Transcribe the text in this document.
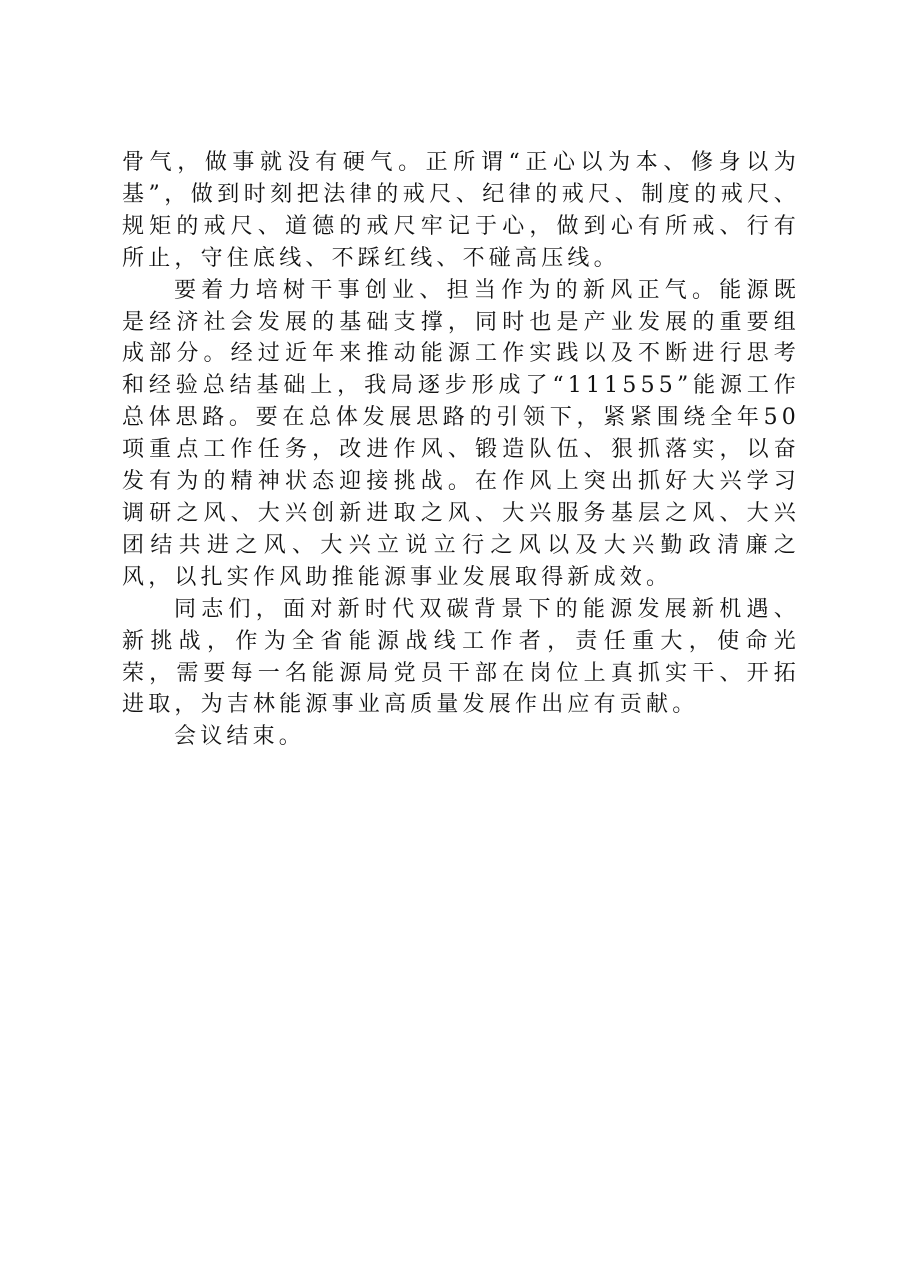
骨气，做事就没有硬气。正所谓“正心以为本、修身以为基”，做到时刻把法律的戒尺、纪律的戒尺、制度的戒尺、规矩的戒尺、道德的戒尺牢记于心，做到心有所戒、行有所止，守住底线、不踩红线、不碰高压线。

要着力培树干事创业、担当作为的新风正气。能源既是经济社会发展的基础支撑，同时也是产业发展的重要组成部分。经过近年来推动能源工作实践以及不断进行思考和经验总结基础上，我局逐步形成了“111555”能源工作总体思路。要在总体发展思路的引领下，紧紧围绕全年50项重点工作任务，改进作风、锻造队伍、狠抓落实，以奋发有为的精神状态迎接挑战。在作风上突出抓好大兴学习调研之风、大兴创新进取之风、大兴服务基层之风、大兴团结共进之风、大兴立说立行之风以及大兴勤政清廉之风，以扎实作风助推能源事业发展取得新成效。

同志们，面对新时代双碳背景下的能源发展新机遇、新挑战，作为全省能源战线工作者，责任重大，使命光荣，需要每一名能源局党员干部在岗位上真抓实干、开拓进取，为吉林能源事业高质量发展作出应有贡献。

会议结束。
